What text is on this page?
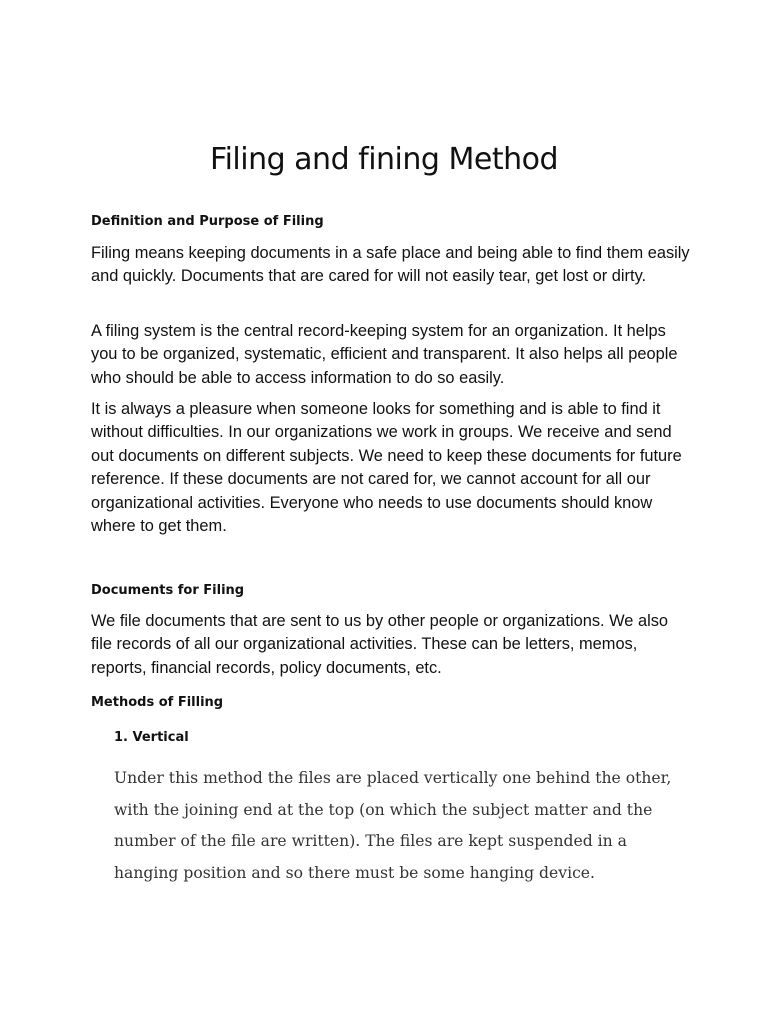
Filing and fining Method
Definition and Purpose of Filing

Filing means keeping documents in a safe place and being able to find them easily and quickly. Documents that are cared for will not easily tear, get lost or dirty.

A filing system is the central record-keeping system for an organization. It helps you to be organized, systematic, efficient and transparent. It also helps all people who should be able to access information to do so easily.

It is always a pleasure when someone looks for something and is able to find it without difficulties. In our organizations we work in groups. We receive and send out documents on different subjects. We need to keep these documents for future reference. If these documents are not cared for, we cannot account for all our organizational activities. Everyone who needs to use documents should know where to get them.

Documents for Filing

We file documents that are sent to us by other people or organizations. We also file records of all our organizational activities. These can be letters, memos, reports, financial records, policy documents, etc.

Methods of Filling
1. Vertical

Under this method the files are placed vertically one behind the other, with the joining end at the top (on which the subject matter and the number of the file are written). The files are kept suspended in a hanging position and so there must be some hanging device.
